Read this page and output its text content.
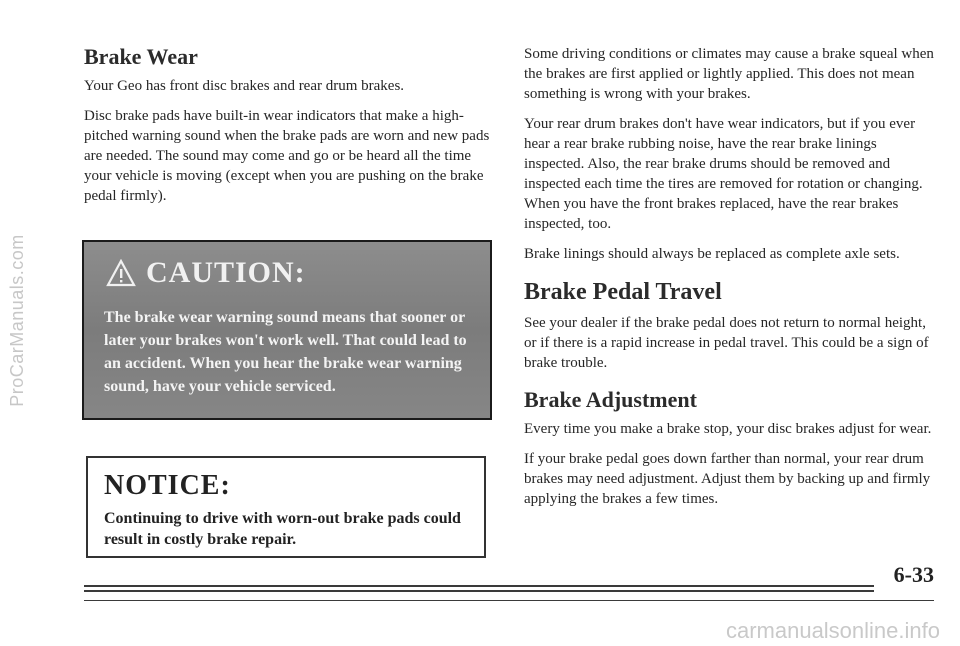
ProCarManuals.com
Brake Wear

Your Geo has front disc brakes and rear drum brakes.

Disc brake pads have built-in wear indicators that make a high-pitched warning sound when the brake pads are worn and new pads are needed. The sound may come and go or be heard all the time your vehicle is moving (except when you are pushing on the brake pedal firmly).

CAUTION:
The brake wear warning sound means that sooner or later your brakes won't work well. That could lead to an accident. When you hear the brake wear warning sound, have your vehicle serviced.
NOTICE:
Continuing to drive with worn-out brake pads could result in costly brake repair.

Some driving conditions or climates may cause a brake squeal when the brakes are first applied or lightly applied. This does not mean something is wrong with your brakes.

Your rear drum brakes don't have wear indicators, but if you ever hear a rear brake rubbing noise, have the rear brake linings inspected. Also, the rear brake drums should be removed and inspected each time the tires are removed for rotation or changing. When you have the front brakes replaced, have the rear brakes inspected, too.

Brake linings should always be replaced as complete axle sets.

Brake Pedal Travel

See your dealer if the brake pedal does not return to normal height, or if there is a rapid increase in pedal travel. This could be a sign of brake trouble.

Brake Adjustment

Every time you make a brake stop, your disc brakes adjust for wear.

If your brake pedal goes down farther than normal, your rear drum brakes may need adjustment. Adjust them by backing up and firmly applying the brakes a few times.

6-33
carmanualsonline.info
